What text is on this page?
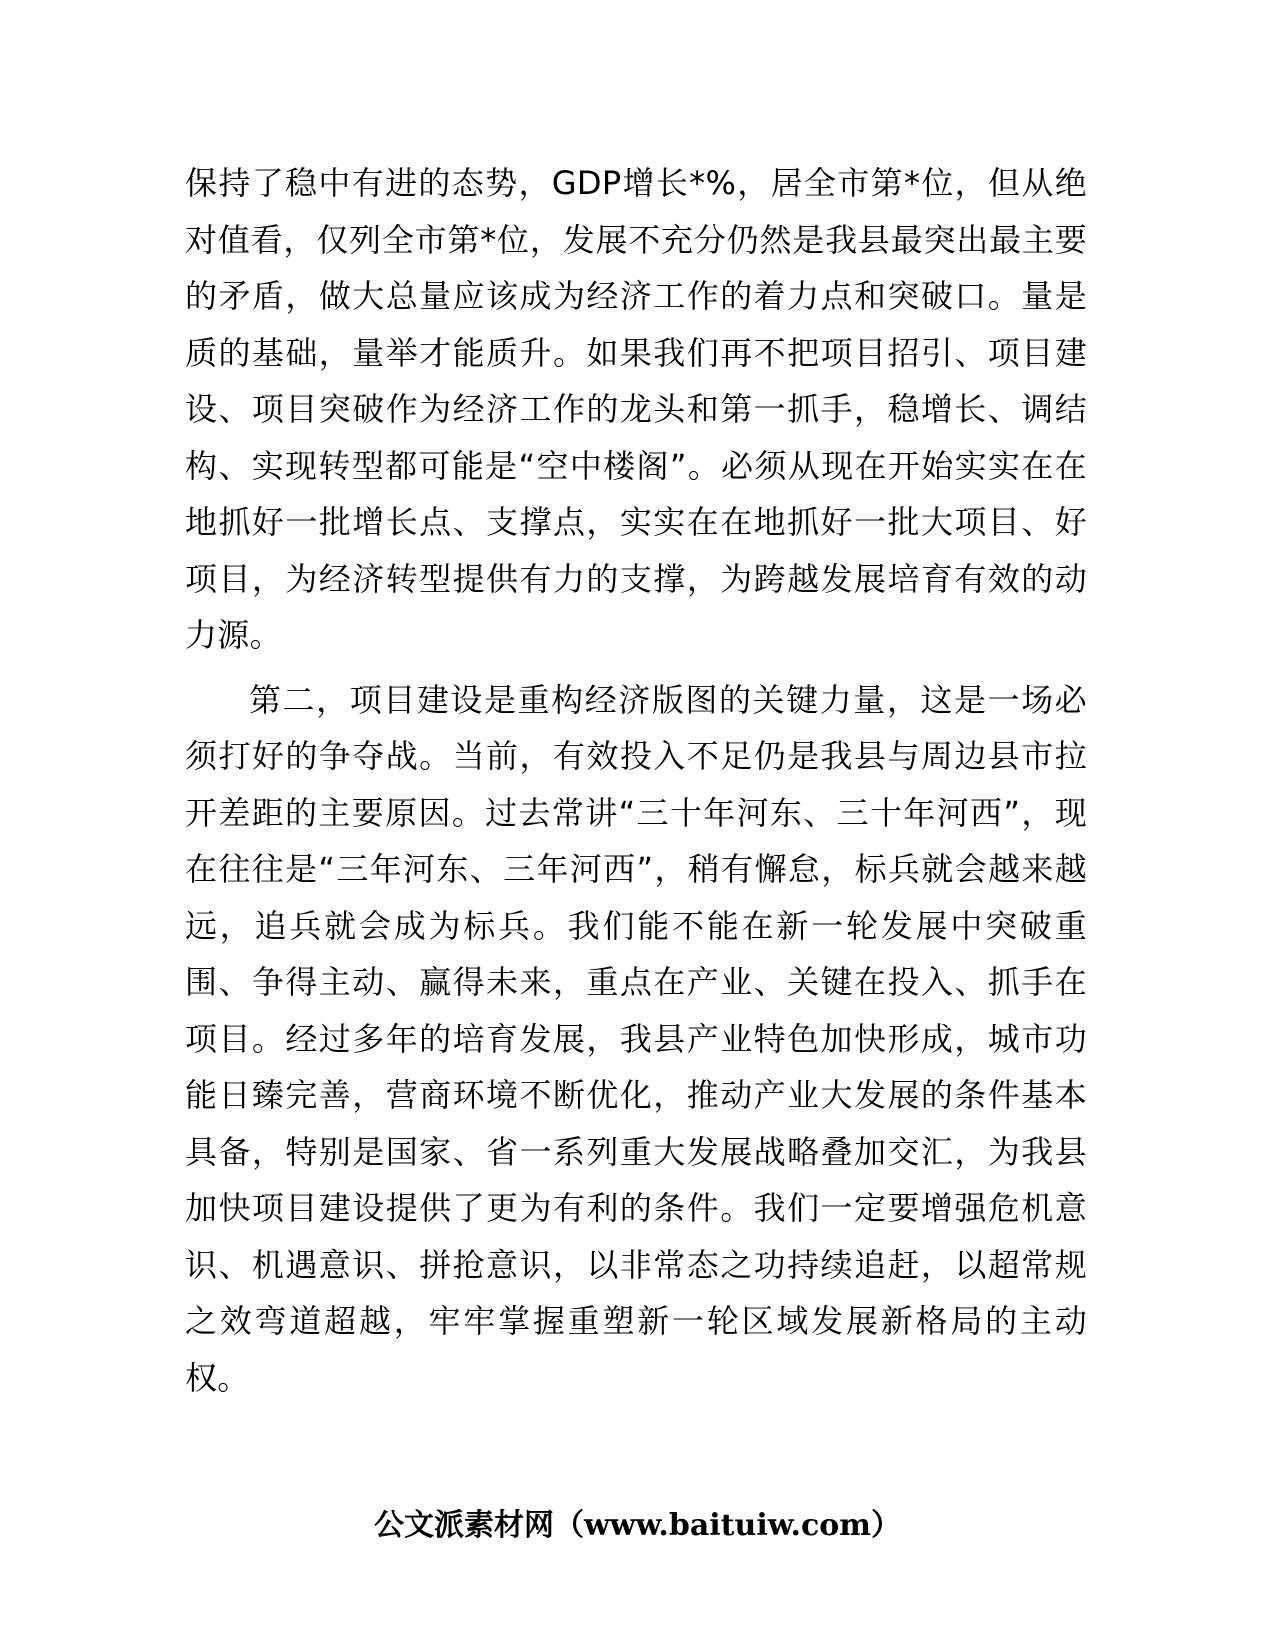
保持了稳中有进的态势，GDP增长*%，居全市第*位，但从绝对值看，仅列全市第*位，发展不充分仍然是我县最突出最主要的矛盾，做大总量应该成为经济工作的着力点和突破口。量是质的基础，量举才能质升。如果我们再不把项目招引、项目建设、项目突破作为经济工作的龙头和第一抓手，稳增长、调结构、实现转型都可能是“空中楼阁”。必须从现在开始实实在在地抓好一批增长点、支撑点，实实在在地抓好一批大项目、好项目，为经济转型提供有力的支撑，为跨越发展培育有效的动力源。

第二，项目建设是重构经济版图的关键力量，这是一场必须打好的争夺战。当前，有效投入不足仍是我县与周边县市拉开差距的主要原因。过去常讲“三十年河东、三十年河西”，现在往往是“三年河东、三年河西”，稍有懈怠，标兵就会越来越远，追兵就会成为标兵。我们能不能在新一轮发展中突破重围、争得主动、赢得未来，重点在产业、关键在投入、抓手在项目。经过多年的培育发展，我县产业特色加快形成，城市功能日臻完善，营商环境不断优化，推动产业大发展的条件基本具备，特别是国家、省一系列重大发展战略叠加交汇，为我县加快项目建设提供了更为有利的条件。我们一定要增强危机意识、机遇意识、拼抢意识，以非常态之功持续追赶，以超常规之效弯道超越，牢牢掌握重塑新一轮区域发展新格局的主动权。

公文派素材网（www.baituiw.com）
